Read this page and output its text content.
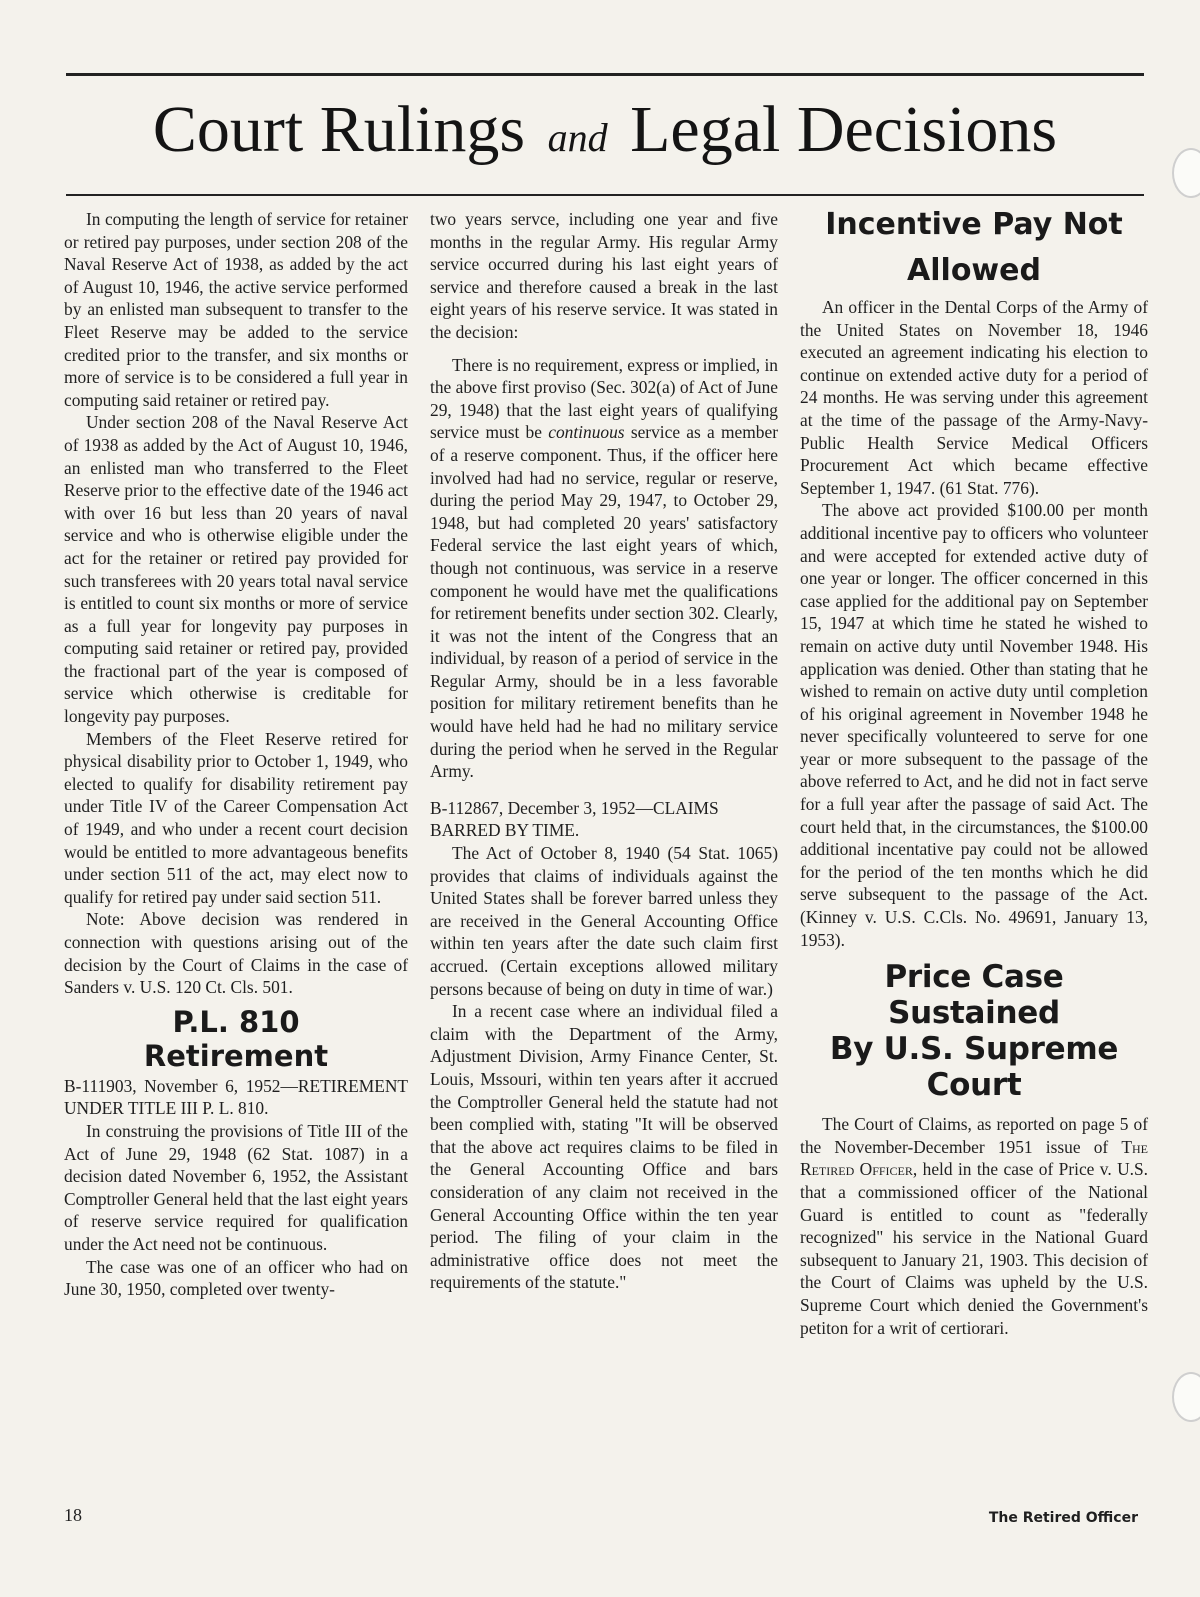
Court Rulings and Legal Decisions

In computing the length of service for retainer or retired pay purposes, under section 208 of the Naval Reserve Act of 1938, as added by the act of August 10, 1946, the active service performed by an enlisted man subsequent to transfer to the Fleet Reserve may be added to the service credited prior to the transfer, and six months or more of service is to be considered a full year in computing said retainer or retired pay.

Under section 208 of the Naval Reserve Act of 1938 as added by the Act of August 10, 1946, an enlisted man who transferred to the Fleet Reserve prior to the effective date of the 1946 act with over 16 but less than 20 years of naval service and who is otherwise eligible under the act for the retainer or retired pay provided for such transferees with 20 years total naval service is entitled to count six months or more of service as a full year for longevity pay purposes in computing said retainer or retired pay, provided the fractional part of the year is composed of service which otherwise is creditable for longevity pay purposes.

Members of the Fleet Reserve retired for physical disability prior to October 1, 1949, who elected to qualify for disability retirement pay under Title IV of the Career Compensation Act of 1949, and who under a recent court decision would be entitled to more advantageous benefits under section 511 of the act, may elect now to qualify for retired pay under said section 511.

Note: Above decision was rendered in connection with questions arising out of the decision by the Court of Claims in the case of Sanders v. U.S. 120 Ct. Cls. 501.

P.L. 810
Retirement

B-111903, November 6, 1952—RETIREMENT UNDER TITLE III P. L. 810.

In construing the provisions of Title III of the Act of June 29, 1948 (62 Stat. 1087) in a decision dated November 6, 1952, the Assistant Comptroller General held that the last eight years of reserve service required for qualification under the Act need not be continuous.

The case was one of an officer who had on June 30, 1950, completed over twenty-

two years servce, including one year and five months in the regular Army. His regular Army service occurred during his last eight years of service and therefore caused a break in the last eight years of his reserve service. It was stated in the decision:

There is no requirement, express or implied, in the above first proviso (Sec. 302(a) of Act of June 29, 1948) that the last eight years of qualifying service must be continuous service as a member of a reserve component. Thus, if the officer here involved had had no service, regular or reserve, during the period May 29, 1947, to October 29, 1948, but had completed 20 years' satisfactory Federal service the last eight years of which, though not continuous, was service in a reserve component he would have met the qualifications for retirement benefits under section 302. Clearly, it was not the intent of the Congress that an individual, by reason of a period of service in the Regular Army, should be in a less favorable position for military retirement benefits than he would have held had he had no military service during the period when he served in the Regular Army.

B-112867, December 3, 1952—CLAIMS BARRED BY TIME.

The Act of October 8, 1940 (54 Stat. 1065) provides that claims of individuals against the United States shall be forever barred unless they are received in the General Accounting Office within ten years after the date such claim first accrued. (Certain exceptions allowed military persons because of being on duty in time of war.)

In a recent case where an individual filed a claim with the Department of the Army, Adjustment Division, Army Finance Center, St. Louis, Mssouri, within ten years after it accrued the Comptroller General held the statute had not been complied with, stating "It will be observed that the above act requires claims to be filed in the General Accounting Office and bars consideration of any claim not received in the General Accounting Office within the ten year period. The filing of your claim in the administrative office does not meet the requirements of the statute."

Incentive Pay Not
Allowed

An officer in the Dental Corps of the Army of the United States on November 18, 1946 executed an agreement indicating his election to continue on extended active duty for a period of 24 months. He was serving under this agreement at the time of the passage of the Army-Navy-Public Health Service Medical Officers Procurement Act which became effective September 1, 1947. (61 Stat. 776).

The above act provided $100.00 per month additional incentive pay to officers who volunteer and were accepted for extended active duty of one year or longer. The officer concerned in this case applied for the additional pay on September 15, 1947 at which time he stated he wished to remain on active duty until November 1948. His application was denied. Other than stating that he wished to remain on active duty until completion of his original agreement in November 1948 he never specifically volunteered to serve for one year or more subsequent to the passage of the above referred to Act, and he did not in fact serve for a full year after the passage of said Act. The court held that, in the circumstances, the $100.00 additional incentative pay could not be allowed for the period of the ten months which he did serve subsequent to the passage of the Act. (Kinney v. U.S. C.Cls. No. 49691, January 13, 1953).

Price Case Sustained
By U.S. Supreme Court

The Court of Claims, as reported on page 5 of the November-December 1951 issue of The Retired Officer, held in the case of Price v. U.S. that a commissioned officer of the National Guard is entitled to count as "federally recognized" his service in the National Guard subsequent to January 21, 1903. This decision of the Court of Claims was upheld by the U.S. Supreme Court which denied the Government's petiton for a writ of certiorari.

18	The Retired Officer
